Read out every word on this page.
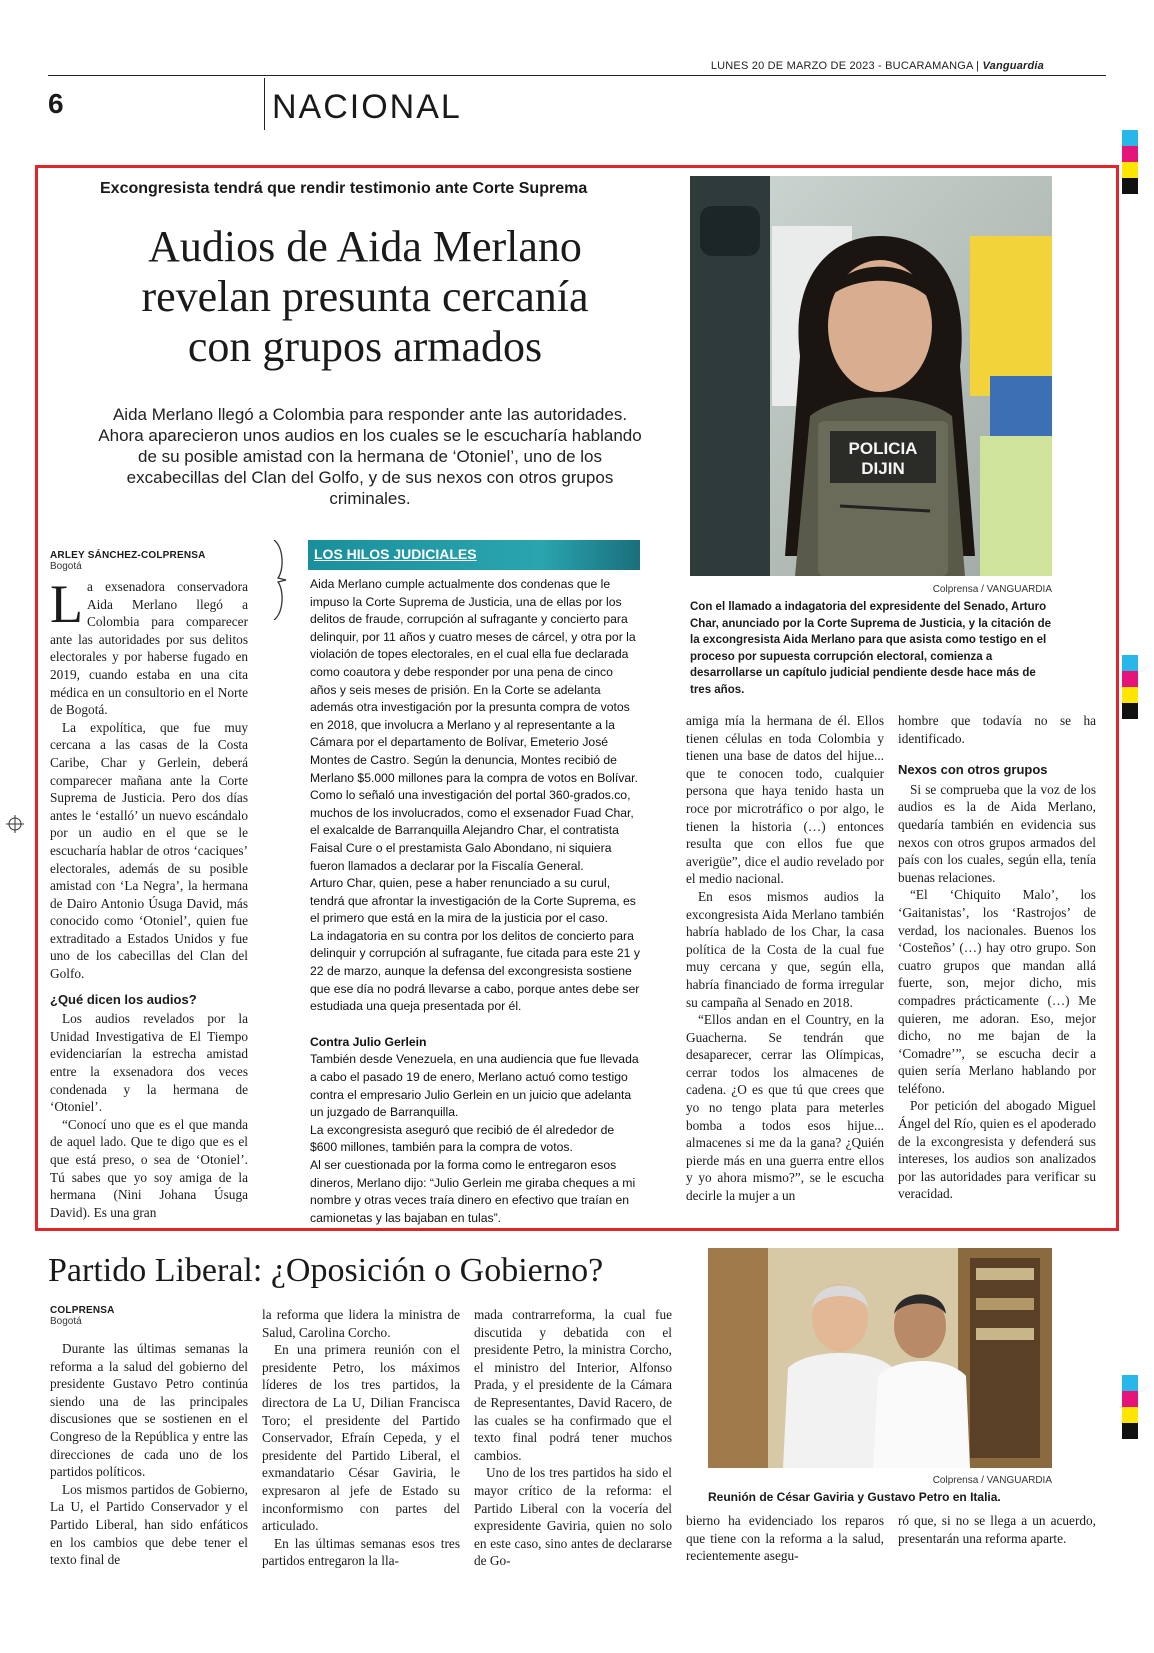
LUNES 20 DE MARZO DE 2023 - BUCARAMANGA | Vanguardia
6	NACIONAL
Excongresista tendrá que rendir testimonio ante Corte Suprema
Audios de Aida Merlano
revelan presunta cercanía
con grupos armados
Aida Merlano llegó a Colombia para responder ante las autoridades. Ahora aparecieron unos audios en los cuales se le escucharía hablando de su posible amistad con la hermana de ‘Otoniel’, uno de los excabecillas del Clan del Golfo, y de sus nexos con otros grupos criminales.
POLICIA
DIJIN
Colprensa / VANGUARDIA
Con el llamado a indagatoria del expresidente del Senado, Arturo Char, anunciado por la Corte Suprema de Justicia, y la citación de la excongresista Aida Merlano para que asista como testigo en el proceso por supuesta corrupción electoral, comienza a desarrollarse un capítulo judicial pendiente desde hace más de tres años.
ARLEY SÁNCHEZ-COLPRENSA
Bogotá

La exsenadora conservadora Aida Merlano llegó a Colombia para comparecer ante las autoridades por sus delitos electorales y por haberse fugado en 2019, cuando estaba en una cita médica en un consultorio en el Norte de Bogotá.

La expolítica, que fue muy cercana a las casas de la Costa Caribe, Char y Gerlein, deberá comparecer mañana ante la Corte Suprema de Justicia. Pero dos días antes le ‘estalló’ un nuevo escándalo por un audio en el que se le escucharía hablar de otros ‘caciques’ electorales, además de su posible amistad con ‘La Negra’, la hermana de Dairo Antonio Úsuga David, más conocido como ‘Otoniel’, quien fue extraditado a Estados Unidos y fue uno de los cabecillas del Clan del Golfo.

¿Qué dicen los audios?

Los audios revelados por la Unidad Investigativa de El Tiempo evidenciarían la estrecha amistad entre la exsenadora dos veces condenada y la hermana de ‘Otoniel’.

“Conocí uno que es el que manda de aquel lado. Que te digo que es el que está preso, o sea de ‘Otoniel’. Tú sabes que yo soy amiga de la hermana (Nini Johana Úsuga David). Es una gran

LOS HILOS JUDICIALES

Aida Merlano cumple actualmente dos condenas que le impuso la Corte Suprema de Justicia, una de ellas por los delitos de fraude, corrupción al sufragante y concierto para delinquir, por 11 años y cuatro meses de cárcel, y otra por la violación de topes electorales, en el cual ella fue declarada como coautora y debe responder por una pena de cinco años y seis meses de prisión. En la Corte se adelanta además otra investigación por la presunta compra de votos en 2018, que involucra a Merlano y al representante a la Cámara por el departamento de Bolívar, Emeterio José Montes de Castro. Según la denuncia, Montes recibió de Merlano $5.000 millones para la compra de votos en Bolívar.

Como lo señaló una investigación del portal 360-grados.co, muchos de los involucrados, como el exsenador Fuad Char, el exalcalde de Barranquilla Alejandro Char, el contratista Faisal Cure o el prestamista Galo Abondano, ni siquiera fueron llamados a declarar por la Fiscalía General.

Arturo Char, quien, pese a haber renunciado a su curul, tendrá que afrontar la investigación de la Corte Suprema, es el primero que está en la mira de la justicia por el caso.

La indagatoria en su contra por los delitos de concierto para delinquir y corrupción al sufragante, fue citada para este 21 y 22 de marzo, aunque la defensa del excongresista sostiene que ese día no podrá llevarse a cabo, porque antes debe ser estudiada una queja presentada por él.

Contra Julio Gerlein

También desde Venezuela, en una audiencia que fue llevada a cabo el pasado 19 de enero, Merlano actuó como testigo contra el empresario Julio Gerlein en un juicio que adelanta un juzgado de Barranquilla.

La excongresista aseguró que recibió de él alrededor de $600 millones, también para la compra de votos.

Al ser cuestionada por la forma como le entregaron esos dineros, Merlano dijo: “Julio Gerlein me giraba cheques a mi nombre y otras veces traía dinero en efectivo que traían en camionetas y las bajaban en tulas”.

amiga mía la hermana de él. Ellos tienen células en toda Colombia y tienen una base de datos del hijue... que te conocen todo, cualquier persona que haya tenido hasta un roce por microtráfico o por algo, le tienen la historia (…) entonces resulta que con ellos fue que averigüe”, dice el audio revelado por el medio nacional.

En esos mismos audios la excongresista Aida Merlano también habría hablado de los Char, la casa política de la Costa de la cual fue muy cercana y que, según ella, habría financiado de forma irregular su campaña al Senado en 2018.

“Ellos andan en el Country, en la Guacherna. Se tendrán que desaparecer, cerrar las Olímpicas, cerrar todos los almacenes de cadena. ¿O es que tú que crees que yo no tengo plata para meterles bomba a todos esos hijue... almacenes si me da la gana? ¿Quién pierde más en una guerra entre ellos y yo ahora mismo?”, se le escucha decirle la mujer a un

hombre que todavía no se ha identificado.

Nexos con otros grupos

Si se comprueba que la voz de los audios es la de Aida Merlano, quedaría también en evidencia sus nexos con otros grupos armados del país con los cuales, según ella, tenía buenas relaciones.

“El ‘Chiquito Malo’, los ‘Gaitanistas’, los ‘Rastrojos’ de verdad, los nacionales. Buenos los ‘Costeños’ (…) hay otro grupo. Son cuatro grupos que mandan allá fuerte, son, mejor dicho, mis compadres prácticamente (…) Me quieren, me adoran. Eso, mejor dicho, no me bajan de la ‘Comadre’”, se escucha decir a quien sería Merlano hablando por teléfono.

Por petición del abogado Miguel Ángel del Río, quien es el apoderado de la excongresista y defenderá sus intereses, los audios son analizados por las autoridades para verificar su veracidad.

Partido Liberal: ¿Oposición o Gobierno?
COLPRENSA
Bogotá

Durante las últimas semanas la reforma a la salud del gobierno del presidente Gustavo Petro continúa siendo una de las principales discusiones que se sostienen en el Congreso de la República y entre las direcciones de cada uno de los partidos políticos.

Los mismos partidos de Gobierno, La U, el Partido Conservador y el Partido Liberal, han sido enfáticos en los cambios que debe tener el texto final de

la reforma que lidera la ministra de Salud, Carolina Corcho.

En una primera reunión con el presidente Petro, los máximos líderes de los tres partidos, la directora de La U, Dilian Francisca Toro; el presidente del Partido Conservador, Efraín Cepeda, y el presidente del Partido Liberal, el exmandatario César Gaviria, le expresaron al jefe de Estado su inconformismo con partes del articulado.

En las últimas semanas esos tres partidos entregaron la lla-

mada contrarreforma, la cual fue discutida y debatida con el presidente Petro, la ministra Corcho, el ministro del Interior, Alfonso Prada, y el presidente de la Cámara de Representantes, David Racero, de las cuales se ha confirmado que el texto final podrá tener muchos cambios.

Uno de los tres partidos ha sido el mayor crítico de la reforma: el Partido Liberal con la vocería del expresidente Gaviria, quien no solo en este caso, sino antes de declararse de Go-

Colprensa / VANGUARDIA
Reunión de César Gaviria y Gustavo Petro en Italia.

bierno ha evidenciado los reparos que tiene con la reforma a la salud, recientemente asegu-

ró que, si no se llega a un acuerdo, presentarán una reforma aparte.
